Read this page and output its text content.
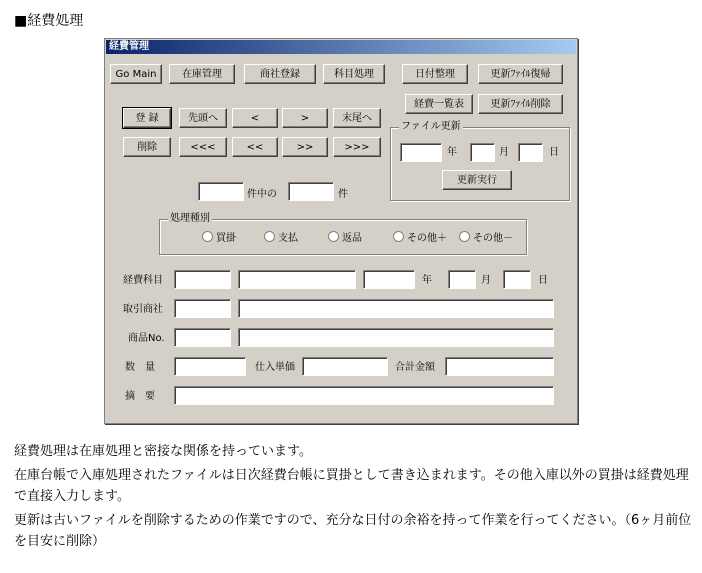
■経費処理
経費管理
Go Main	在庫管理	商社登録	科目処理	日付整理	更新ﾌｧｲﾙ復帰
経費一覧表	更新ﾌｧｲﾙ削除
登 録	先頭へ	<	>	末尾へ
削除	<<<	<<	>>	>>>
ファイル更新
年	月	日
更新実行
件中の	件
処理種別
買掛	支払	返品	その他＋	その他－
経費科目	年	月	日
取引商社
商品No.
数　量	仕入単価	合計金額
摘　要
経費処理は在庫処理と密接な関係を持っています。
在庫台帳で入庫処理されたファイルは日次経費台帳に買掛として書き込まれます。その他入庫以外の買掛は経費処理で直接入力します。
更新は古いファイルを削除するための作業ですので、充分な日付の余裕を持って作業を行ってください。（6ヶ月前位を目安に削除）
